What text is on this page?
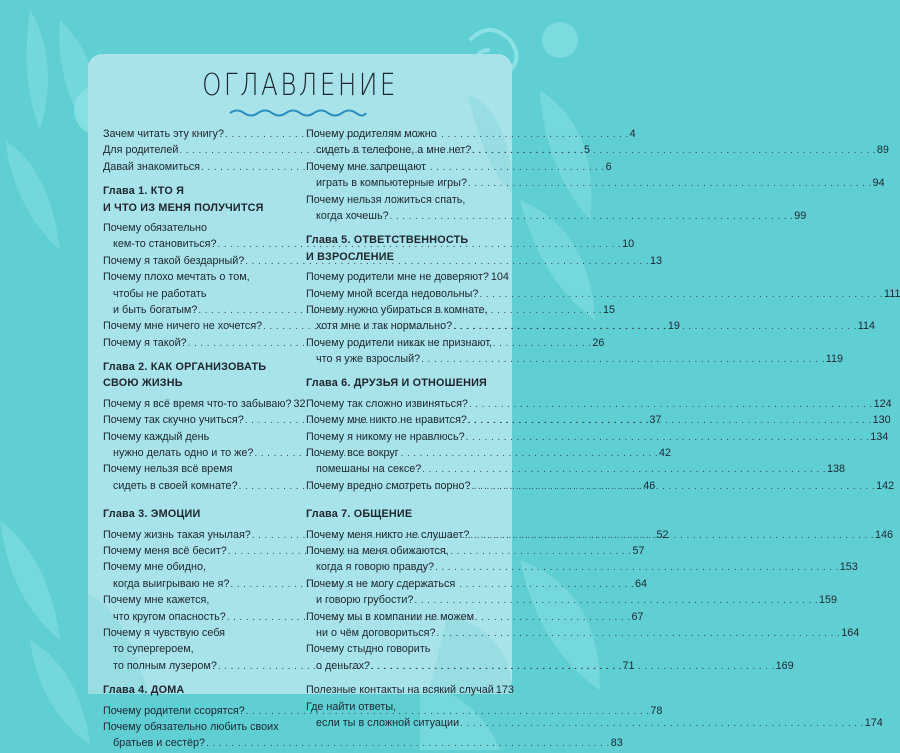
ОГЛАВЛЕНИЕ
Зачем читать эту книгу? . . .	4
Для родителей . . .	5
Давай знакомиться . . .	6
Глава 1. КТО Я
И ЧТО ИЗ МЕНЯ ПОЛУЧИТСЯ
Почему обязательно
кем-то становиться? . . .	10
Почему я такой бездарный? . . .	13
Почему плохо мечтать о том,
чтобы не работать
и быть богатым? . . .	15
Почему мне ничего не хочется? . . .	19
Почему я такой? . . .	26
Глава 2. КАК ОРГАНИЗОВАТЬ
СВОЮ ЖИЗНЬ
Почему я всё время что-то забываю? 32
Почему так скучно учиться? . . .	37
Почему каждый день
нужно делать одно и то же? . . .	42
Почему нельзя всё время
сидеть в своей комнате? . . .	46
Глава 3. ЭМОЦИИ
Почему жизнь такая унылая? . . .	52
Почему меня всё бесит? . . .	57
Почему мне обидно,
когда выигрываю не я? . . .	64
Почему мне кажется,
что кругом опасность? . . .	67
Почему я чувствую себя
то супергероем,
то полным лузером? . . .	71
Глава 4. ДОМА
Почему родители ссорятся? . . .	78
Почему обязательно любить своих
братьев и сестёр? . . .	83
Почему родителям можно
сидеть в телефоне, а мне нет? . . .	89
Почему мне запрещают
играть в компьютерные игры? . . .	94
Почему нельзя ложиться спать,
когда хочешь? . . .	99
Глава 5. ОТВЕТСТВЕННОСТЬ
И ВЗРОСЛЕНИЕ
Почему родители мне не доверяют? 104
Почему мной всегда недовольны? . . .	111
Почему нужно убираться в комнате,
хотя мне и так нормально? . . .	114
Почему родители никак не признают,
что я уже взрослый? . . .	119
Глава 6. ДРУЗЬЯ И ОТНОШЕНИЯ
Почему так сложно извиняться? . . .	124
Почему мне никто не нравится? . . .	130
Почему я никому не нравлюсь? . . .	134
Почему все вокруг
помешаны на сексе? . . .	138
Почему вредно смотреть порно? . . .	142
Глава 7. ОБЩЕНИЕ
Почему меня никто не слушает? . . .	146
Почему на меня обижаются,
когда я говорю правду? . . .	153
Почему я не могу сдержаться
и говорю грубости? . . .	159
Почему мы в компании не можем
ни о чём договориться? . . .	164
Почему стыдно говорить
о деньгах? . . .	169
Полезные контакты на всякий случай 173
Где найти ответы,
если ты в сложной ситуации . . .	174
